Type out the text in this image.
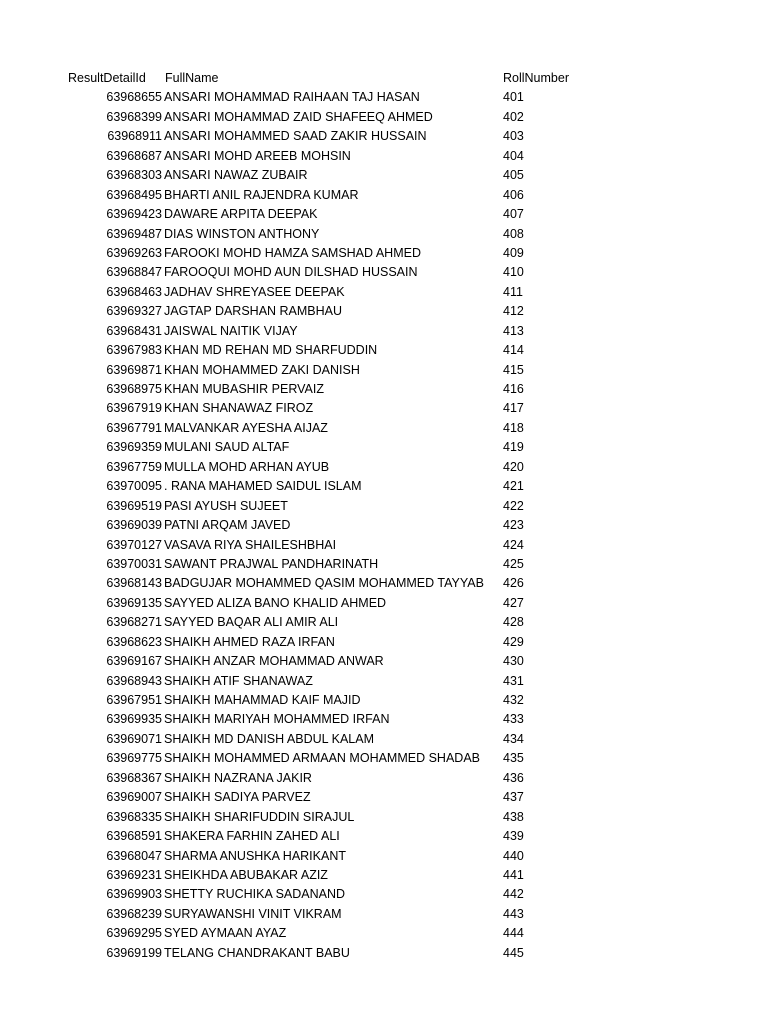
ResultDetailId FullName	RollNumber
63968655 ANSARI MOHAMMAD RAIHAAN TAJ HASAN	401
63968399 ANSARI MOHAMMAD ZAID SHAFEEQ AHMED	402
63968911 ANSARI MOHAMMED SAAD ZAKIR HUSSAIN	403
63968687 ANSARI MOHD AREEB MOHSIN	404
63968303 ANSARI NAWAZ ZUBAIR	405
63968495 BHARTI ANIL RAJENDRA KUMAR	406
63969423 DAWARE ARPITA DEEPAK	407
63969487 DIAS WINSTON ANTHONY	408
63969263 FAROOKI MOHD HAMZA SAMSHAD AHMED	409
63968847 FAROOQUI MOHD AUN DILSHAD HUSSAIN	410
63968463 JADHAV SHREYASEE DEEPAK	411
63969327 JAGTAP DARSHAN RAMBHAU	412
63968431 JAISWAL NAITIK VIJAY	413
63967983 KHAN MD REHAN MD SHARFUDDIN	414
63969871 KHAN MOHAMMED ZAKI DANISH	415
63968975 KHAN MUBASHIR PERVAIZ	416
63967919 KHAN SHANAWAZ FIROZ	417
63967791 MALVANKAR AYESHA AIJAZ	418
63969359 MULANI SAUD ALTAF	419
63967759 MULLA MOHD ARHAN AYUB	420
63970095 . RANA MAHAMED SAIDUL ISLAM	421
63969519 PASI AYUSH SUJEET	422
63969039 PATNI ARQAM JAVED	423
63970127 VASAVA RIYA SHAILESHBHAI	424
63970031 SAWANT PRAJWAL PANDHARINATH	425
63968143 BADGUJAR MOHAMMED QASIM MOHAMMED TAYYAB 426
63969135 SAYYED ALIZA BANO KHALID AHMED	427
63968271 SAYYED BAQAR ALI AMIR ALI	428
63968623 SHAIKH AHMED RAZA IRFAN	429
63969167 SHAIKH ANZAR MOHAMMAD ANWAR	430
63968943 SHAIKH ATIF SHANAWAZ	431
63967951 SHAIKH MAHAMMAD KAIF MAJID	432
63969935 SHAIKH MARIYAH MOHAMMED IRFAN	433
63969071 SHAIKH MD DANISH ABDUL KALAM	434
63969775 SHAIKH MOHAMMED ARMAAN MOHAMMED SHADAB 435
63968367 SHAIKH NAZRANA JAKIR	436
63969007 SHAIKH SADIYA PARVEZ	437
63968335 SHAIKH SHARIFUDDIN SIRAJUL	438
63968591 SHAKERA FARHIN ZAHED ALI	439
63968047 SHARMA ANUSHKA HARIKANT	440
63969231 SHEIKHDA ABUBAKAR AZIZ	441
63969903 SHETTY RUCHIKA SADANAND	442
63968239 SURYAWANSHI VINIT VIKRAM	443
63969295 SYED AYMAAN AYAZ	444
63969199 TELANG CHANDRAKANT BABU	445
